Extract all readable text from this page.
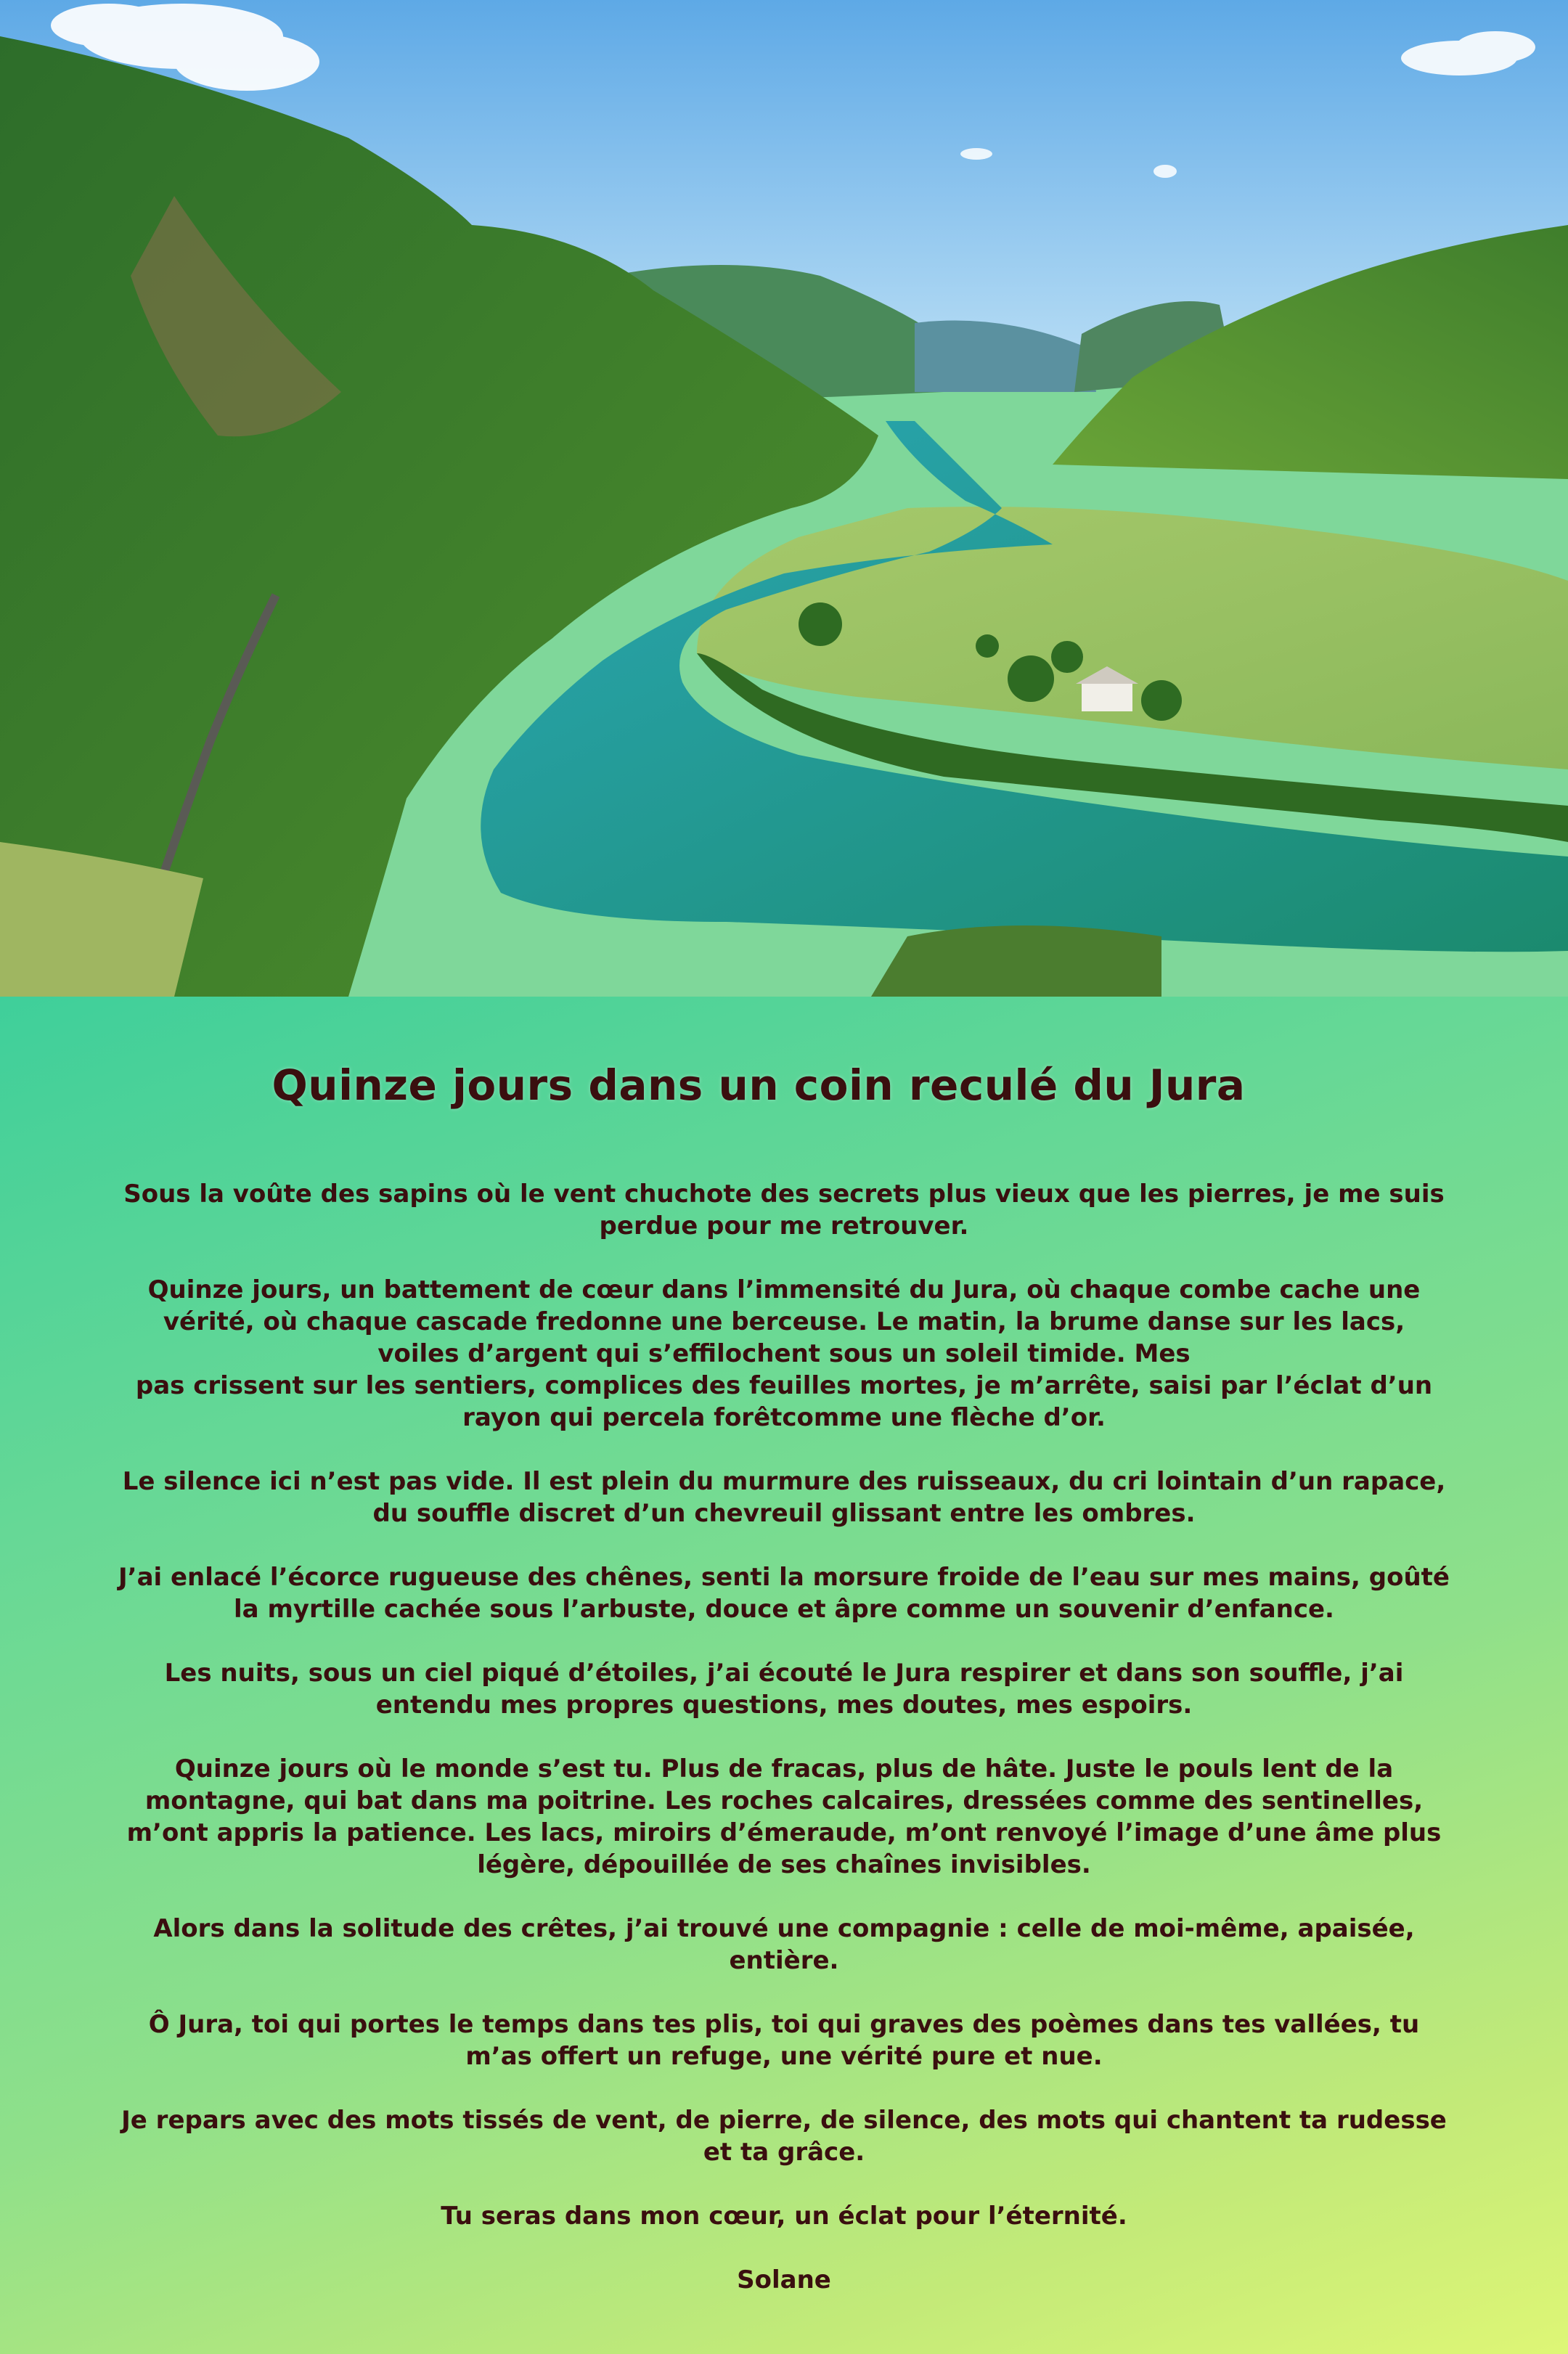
Quinze jours dans un coin reculé du Jura

Sous la voûte des sapins où le vent chuchote des secrets plus vieux que les pierres, je me suis
perdue pour me retrouver.

Quinze jours, un battement de cœur dans l’immensité du Jura, où chaque combe cache une
vérité, où chaque cascade fredonne une berceuse. Le matin, la brume danse sur les lacs,
voiles d’argent qui s’effilochent sous un soleil timide. Mes
pas crissent sur les sentiers, complices des feuilles mortes, je m’arrête, saisi par l’éclat d’un
rayon qui percela forêtcomme une flèche d’or.

Le silence ici n’est pas vide. Il est plein du murmure des ruisseaux, du cri lointain d’un rapace,
du souffle discret d’un chevreuil glissant entre les ombres.

J’ai enlacé l’écorce rugueuse des chênes, senti la morsure froide de l’eau sur mes mains, goûté
la myrtille cachée sous l’arbuste, douce et âpre comme un souvenir d’enfance.

Les nuits, sous un ciel piqué d’étoiles, j’ai écouté le Jura respirer et dans son souffle, j’ai
entendu mes propres questions, mes doutes, mes espoirs.

Quinze jours où le monde s’est tu. Plus de fracas, plus de hâte. Juste le pouls lent de la
montagne, qui bat dans ma poitrine. Les roches calcaires, dressées comme des sentinelles,
m’ont appris la patience. Les lacs, miroirs d’émeraude, m’ont renvoyé l’image d’une âme plus
légère, dépouillée de ses chaînes invisibles.

Alors dans la solitude des crêtes, j’ai trouvé une compagnie : celle de moi-même, apaisée,
entière.

Ô Jura, toi qui portes le temps dans tes plis, toi qui graves des poèmes dans tes vallées, tu
m’as offert un refuge, une vérité pure et nue.

Je repars avec des mots tissés de vent, de pierre, de silence, des mots qui chantent ta rudesse
et ta grâce.

Tu seras dans mon cœur, un éclat pour l’éternité.

Solane
